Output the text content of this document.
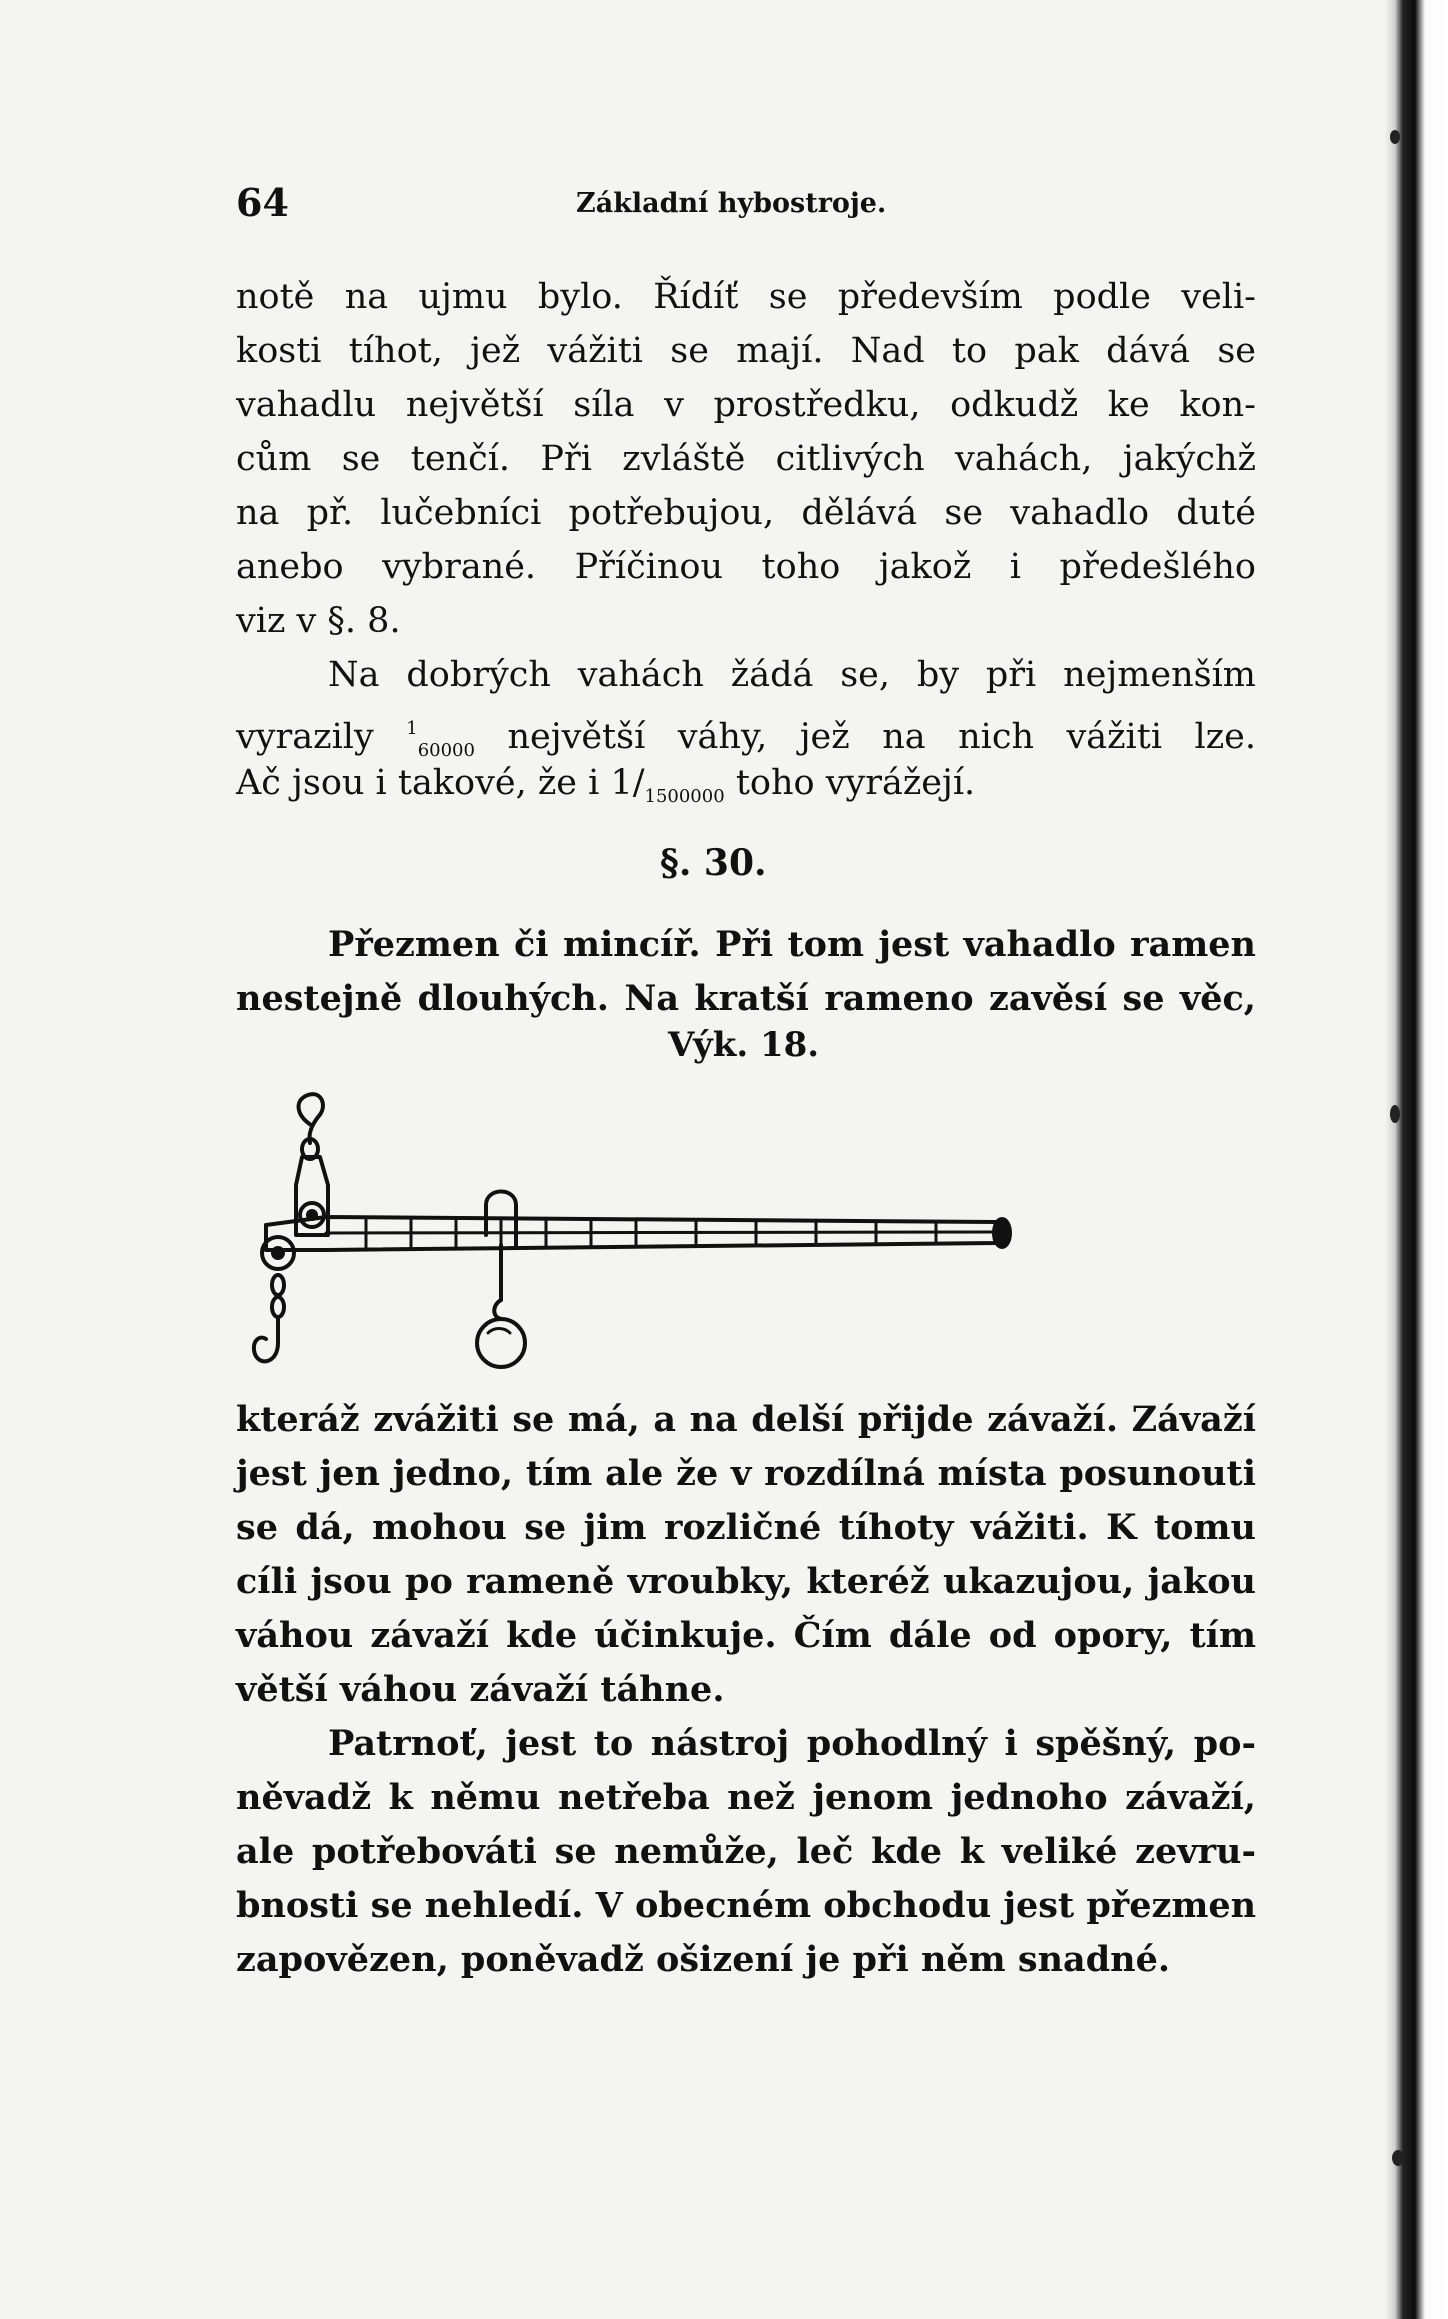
64	Základní hybostroje.
notě na ujmu bylo. Řídíť se především podle veli-
kosti tíhot, jež vážiti se mají. Nad to pak dává se
vahadlu největší síla v prostředku, odkudž ke kon-
cům se tenčí. Při zvláště citlivých vahách, jakýchž
na př. lučebníci potřebujou, dělává se vahadlo duté
anebo vybrané. Příčinou toho jakož i předešlého
viz v §. 8.
Na dobrých vahách žádá se, by při nejmenším
vyrazily $^1_{60000}$ největší váhy, jež na nich vážiti lze.
Ač jsou i takové, že i $1/_{1500000}$ toho vyrážejí.
§. 30.
Přezmen či mincíř. Při tom jest vahadlo ramen
nestejně dlouhých. Na kratší rameno zavěsí se věc,
Výk. 18.
kteráž zvážiti se má, a na delší přijde závaží. Závaží
jest jen jedno, tím ale že v rozdílná místa posunouti
se dá, mohou se jim rozličné tíhoty vážiti. K tomu
cíli jsou po rameně vroubky, kteréž ukazujou, jakou
váhou závaží kde účinkuje. Čím dále od opory, tím
větší váhou závaží táhne.
Patrnoť, jest to nástroj pohodlný i spěšný, po-
něvadž k němu netřeba než jenom jednoho závaží,
ale potřebováti se nemůže, leč kde k veliké zevru-
bnosti se nehledí. V obecném obchodu jest přezmen
zapovězen, poněvadž ošizení je při něm snadné.
